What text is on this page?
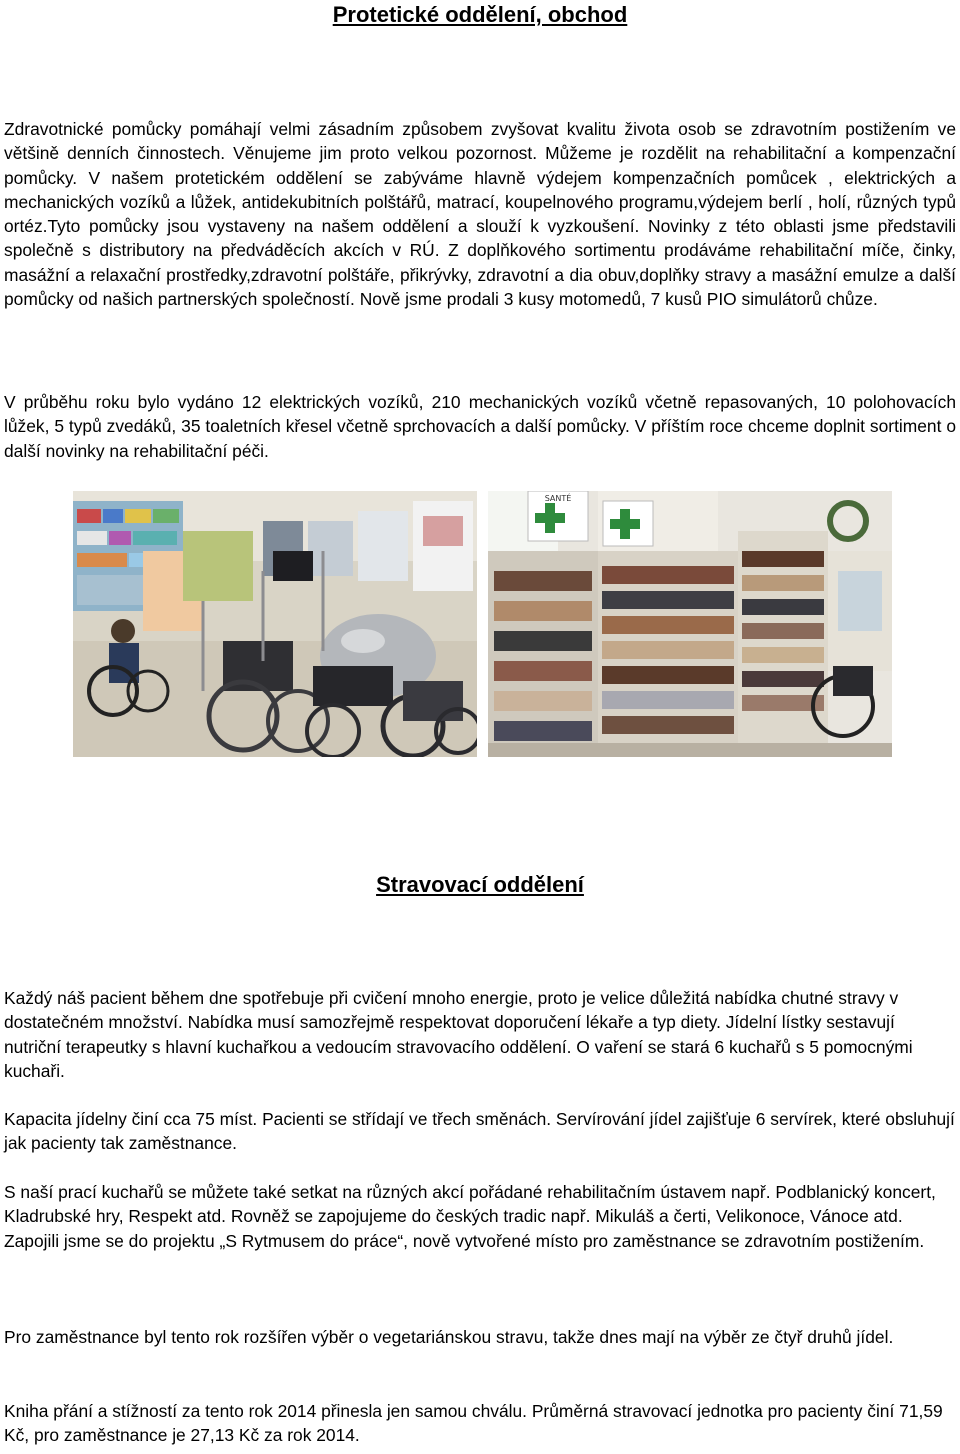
Protetické oddělení, obchod

Zdravotnické pomůcky pomáhají velmi zásadním způsobem zvyšovat kvalitu života osob se zdravotním postižením ve většině denních činnostech. Věnujeme jim proto velkou pozornost. Můžeme je rozdělit na rehabilitační a kompenzační pomůcky. V našem protetickém oddělení se zabýváme hlavně výdejem kompenzačních pomůcek , elektrických a mechanických vozíků a lůžek, antidekubitních polštářů, matrací, koupelnového programu,výdejem berlí , holí, různých typů ortéz.Tyto pomůcky jsou vystaveny na našem oddělení a slouží k vyzkoušení. Novinky z této oblasti jsme představili společně s distributory na předváděcích akcích v RÚ. Z doplňkového sortimentu prodáváme rehabilitační míče, činky, masážní a relaxační prostředky,zdravotní polštáře, přikrývky, zdravotní a dia obuv,doplňky stravy a masážní emulze a další pomůcky od našich partnerských společností. Nově jsme prodali 3 kusy motomedů, 7 kusů PIO simulátorů chůze.

V průběhu roku bylo vydáno 12 elektrických vozíků, 210 mechanických vozíků včetně repasovaných, 10 polohovacích lůžek, 5 typů zvedáků, 35 toaletních křesel včetně sprchovacích a další pomůcky. V příštím roce chceme doplnit sortiment o další novinky na rehabilitační péči.

SANTÉ
Stravovací oddělení

Každý náš pacient během dne spotřebuje při cvičení mnoho energie, proto je velice důležitá nabídka chutné stravy v dostatečném množství. Nabídka musí samozřejmě respektovat doporučení lékaře a typ diety. Jídelní lístky sestavují nutriční terapeutky s hlavní kuchařkou a vedoucím stravovacího oddělení. O vaření se stará 6 kuchařů s 5 pomocnými kuchaři.

Kapacita jídelny činí cca 75 míst. Pacienti se střídají ve třech směnách. Servírování jídel zajišťuje 6 servírek, které obsluhují jak pacienty tak zaměstnance.

S naší prací kuchařů se můžete také setkat na různých akcí pořádané rehabilitačním ústavem např. Podblanický koncert, Kladrubské hry, Respekt atd. Rovněž se zapojujeme do českých tradic např. Mikuláš a čerti, Velikonoce, Vánoce atd. Zapojili jsme se do projektu „S Rytmusem do práce“, nově vytvořené místo pro zaměstnance se zdravotním postižením.

Pro zaměstnance byl tento rok rozšířen výběr o vegetariánskou stravu, takže dnes mají na výběr ze čtyř druhů jídel.

Kniha přání a stížností za tento rok 2014 přinesla jen samou chválu. Průměrná stravovací jednotka pro pacienty činí 71,59 Kč, pro zaměstnance je 27,13 Kč za rok 2014.
